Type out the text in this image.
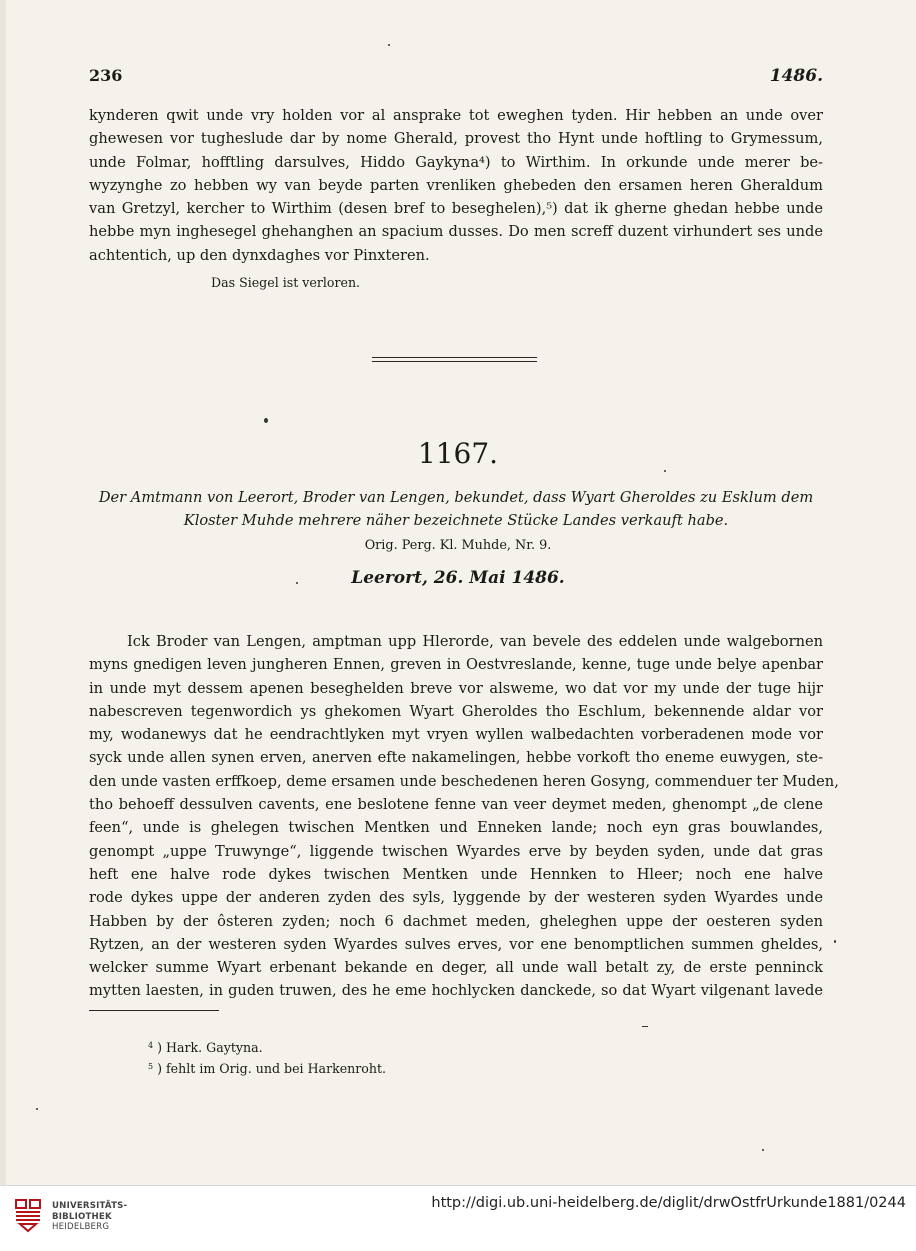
236	1486.
kynderen qwit unde vry holden vor al ansprake tot eweghen tyden. Hir hebben an unde over
ghewesen vor tugheslude dar by nome Gherald, provest tho Hynt unde hoftling to Grymessum,
unde Folmar, hofftling darsulves, Hiddo Gaykyna⁴) to Wirthim. In orkunde unde merer be-
wyzynghe zo hebben wy van beyde parten vrenliken ghebeden den ersamen heren Gheraldum
van Gretzyl, kercher to Wirthim (desen bref to beseghelen),⁵) dat ik gherne ghedan hebbe unde
hebbe myn inghesegel ghehanghen an spacium dusses. Do men screff duzent virhundert ses unde
achtentich, up den dynxdaghes vor Pinxteren.
Das Siegel ist verloren.
1167.

Der Amtmann von Leerort, Broder van Lengen, bekundet, dass Wyart Gheroldes zu Esklum dem
Kloster Muhde mehrere näher bezeichnete Stücke Landes verkauft habe.

Orig. Perg. Kl. Muhde, Nr. 9.
Leerort, 26. Mai 1486.
Ick Broder van Lengen, amptman upp Hlerorde, van bevele des eddelen unde walgebornen
myns gnedigen leven jungheren Ennen, greven in Oestvreslande, kenne, tuge unde belye apenbar
in unde myt dessem apenen beseghelden breve vor alsweme, wo dat vor my unde der tuge hijr
nabescreven tegenwordich ys ghekomen Wyart Gheroldes tho Eschlum, bekennende aldar vor
my, wodanewys dat he eendrachtlyken myt vryen wyllen walbedachten vorberadenen mode vor
syck unde allen synen erven, anerven efte nakamelingen, hebbe vorkoft tho eneme euwygen, ste-
den unde vasten erffkoep, deme ersamen unde beschedenen heren Gosyng, commenduer ter Muden,
tho behoeff dessulven cavents, ene beslotene fenne van veer deymet meden, ghenompt „de clene
feen“, unde is ghelegen twischen Mentken und Enneken lande; noch eyn gras bouwlandes,
genompt „uppe Truwynge“, liggende twischen Wyardes erve by beyden syden, unde dat gras
heft ene halve rode dykes twischen Mentken unde Hennken to Hleer; noch ene halve
rode dykes uppe der anderen zyden des syls, lyggende by der westeren syden Wyardes unde
Habben by der ôsteren zyden; noch 6 dachmet meden, gheleghen uppe der oesteren syden
Rytzen, an der westeren syden Wyardes sulves erves, vor ene benomptlichen summen gheldes,
welcker summe Wyart erbenant bekande en deger, all unde wall betalt zy, de erste penninck
mytten laesten, in guden truwen, des he eme hochlycken danckede, so dat Wyart vilgenant lavede
$^4$ ) Hark. Gaytyna.
$^5$ ) fehlt im Orig. und bei Harkenroht.
UNIVERSITÄTS-
BIBLIOTHEK
HEIDELBERG
http://digi.ub.uni-heidelberg.de/diglit/drwOstfrUrkunde1881/0244
